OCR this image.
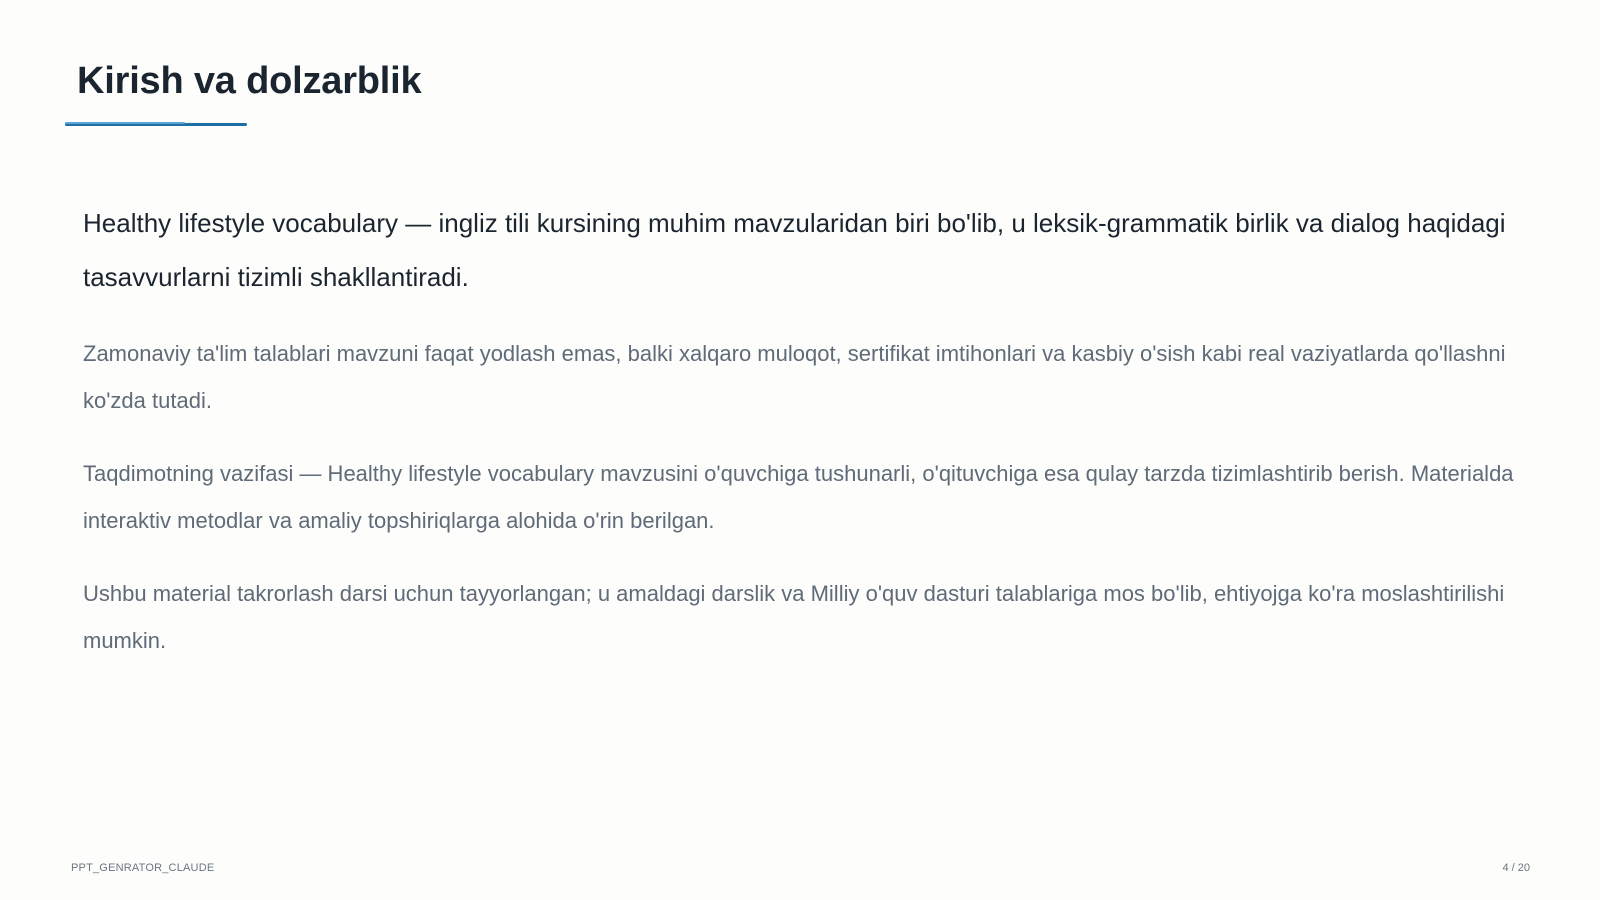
Kirish va dolzarblik

Healthy lifestyle vocabulary — ingliz tili kursining muhim mavzularidan biri bo'lib, u leksik-grammatik birlik va dialog haqidagi tasavvurlarni tizimli shakllantiradi.

Zamonaviy ta'lim talablari mavzuni faqat yodlash emas, balki xalqaro muloqot, sertifikat imtihonlari va kasbiy o'sish kabi real vaziyatlarda qo'llashni ko'zda tutadi.

Taqdimotning vazifasi — Healthy lifestyle vocabulary mavzusini o'quvchiga tushunarli, o'qituvchiga esa qulay tarzda tizimlashtirib berish. Materialda interaktiv metodlar va amaliy topshiriqlarga alohida o'rin berilgan.

Ushbu material takrorlash darsi uchun tayyorlangan; u amaldagi darslik va Milliy o'quv dasturi talablariga mos bo'lib, ehtiyojga ko'ra moslashtirilishi mumkin.

PPT_GENRATOR_CLAUDE	4 / 20
